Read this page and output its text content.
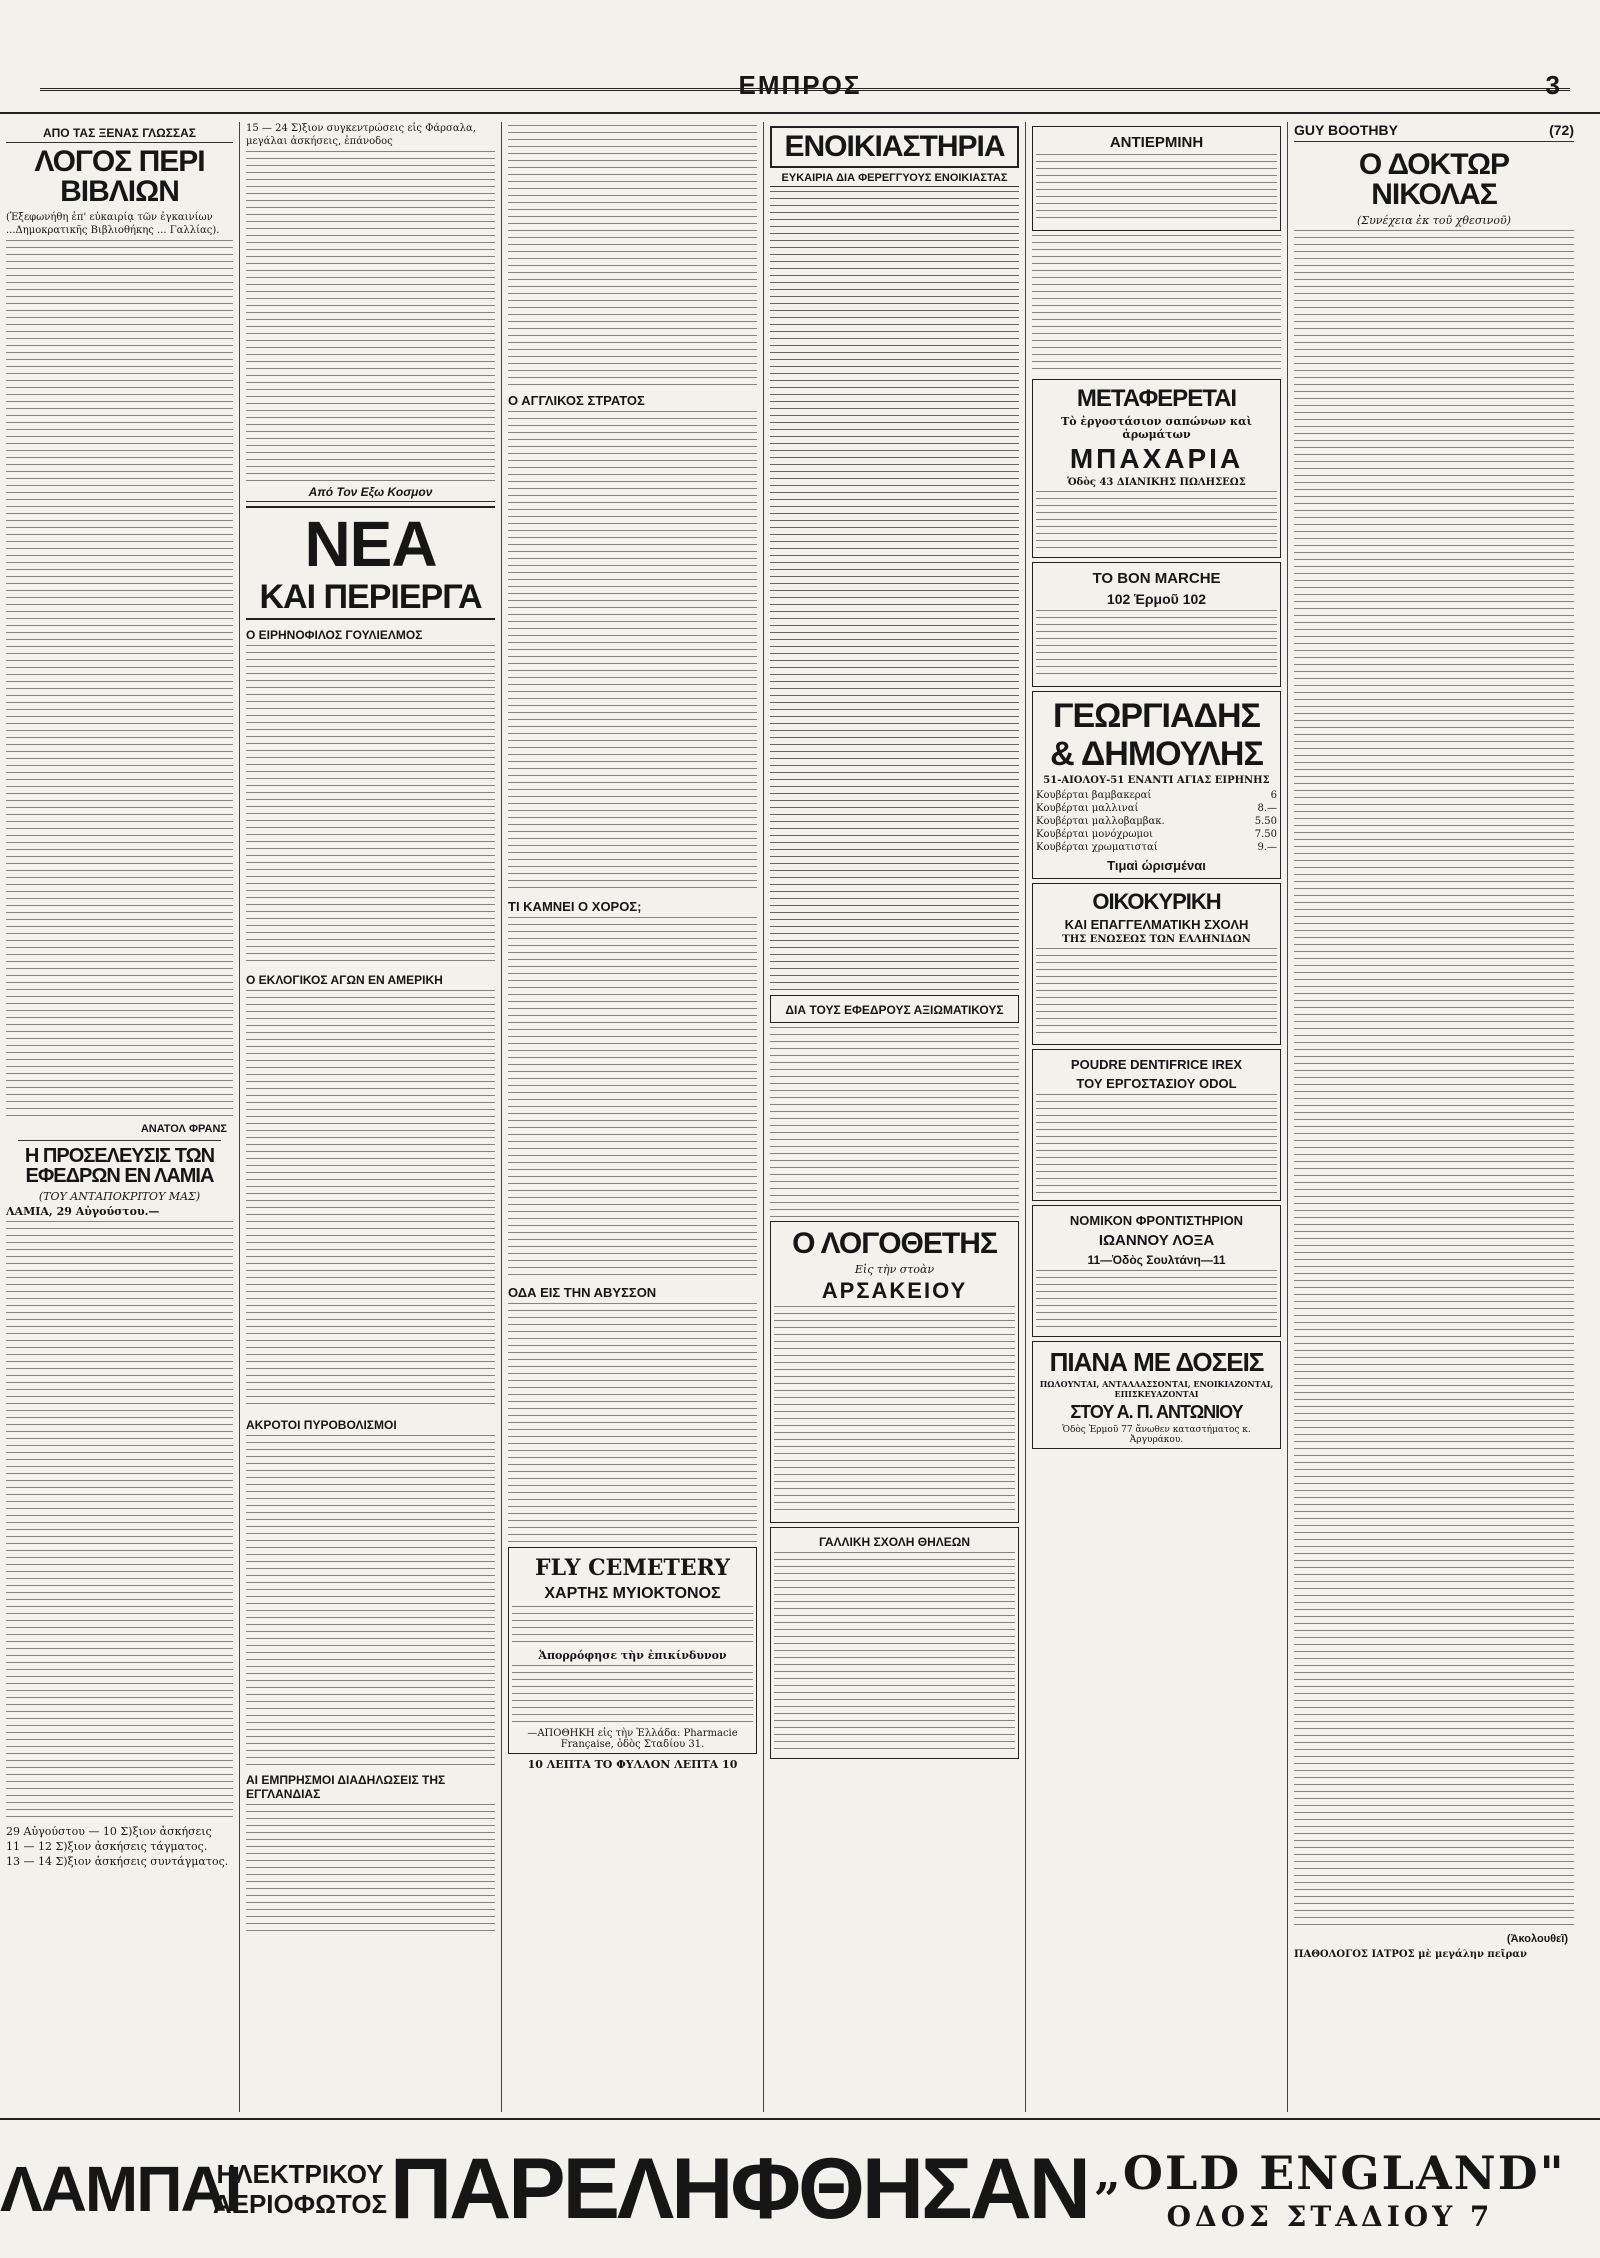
ΕΜΠΡΟΣ	3
ΑΠΟ ΤΑΣ ΞΕΝΑΣ ΓΛΩΣΣΑΣ
ΛΟΓΟΣ ΠΕΡΙ ΒΙΒΛΙΩΝ
(Ἐξεφωνήθη ἐπ' εὐκαιρίᾳ τῶν ἐγκαινίων ...Δημοκρατικῆς Βιβλιοθήκης ... Γαλλίας).
ΑΝΑΤΟΛ ΦΡΑΝΣ
Η ΠΡΟΣΕΛΕΥΣΙΣ ΤΩΝ ΕΦΕΔΡΩΝ ΕΝ ΛΑΜΙΑ
(ΤΟΥ ΑΝΤΑΠΟΚΡΙΤΟΥ ΜΑΣ)
ΛΑΜΙΑ, 29 Αὐγούστου.—
29 Αὐγούστου — 10 Σ)ξιον ἀσκήσεις
11 — 12 Σ)ξιον ἀσκήσεις τάγματος.
13 — 14 Σ)ξιον ἀσκήσεις συντάγματος.
15 — 24 Σ)ξιον συγκεντρώσεις εἰς Φάρσαλα, μεγάλαι ἀσκήσεις, ἐπάνοδος
Από Τον Εξω Κοσμον
ΝΕΑ
ΚΑΙ ΠΕΡΙΕΡΓΑ
Ο ΕΙΡΗΝΟΦΙΛΟΣ ΓΟΥΛΙΕΛΜΟΣ
Ο ΕΚΛΟΓΙΚΟΣ ΑΓΩΝ ΕΝ ΑΜΕΡΙΚΗ
ΑΚΡΟΤΟΙ ΠΥΡΟΒΟΛΙΣΜΟΙ
ΑΙ ΕΜΠΡΗΣΜΟΙ ΔΙΑΔΗΛΩΣΕΙΣ ΤΗΣ ΕΓΓΛΑΝΔΙΑΣ
Ο ΑΓΓΛΙΚΟΣ ΣΤΡΑΤΟΣ
ΤΙ ΚΑΜΝΕΙ Ο ΧΟΡΟΣ;
ΟΔΑ ΕΙΣ ΤΗΝ ΑΒΥΣΣΟΝ
FLY CEMETERY
ΧΑΡΤΗΣ ΜΥΙΟΚΤΟΝΟΣ
Ἀπορρόφησε τὴν ἐπικίνδυνον
—ΑΠΟΘΗΚΗ εἰς τὴν Ἑλλάδα: Pharmacie Française, ὁδὸς Σταδίου 31.
10 ΛΕΠΤΑ ΤΟ ΦΥΛΛΟΝ ΛΕΠΤΑ 10
ΕΝΟΙΚΙΑΣΤΗΡΙΑ
ΕΥΚΑΙΡΙΑ ΔΙΑ ΦΕΡΕΓΓΥΟΥΣ ΕΝΟΙΚΙΑΣΤΑΣ
ΔΙΑ ΤΟΥΣ ΕΦΕΔΡΟΥΣ ΑΞΙΩΜΑΤΙΚΟΥΣ
Ο ΛΟΓΟΘΕΤΗΣ
Εἰς τὴν στοὰν
ΑΡΣΑΚΕΙΟΥ
ΓΑΛΛΙΚΗ ΣΧΟΛΗ ΘΗΛΕΩΝ
ΑΝΤΙΕΡΜΙΝΗ
ΜΕΤΑΦΕΡΕΤΑΙ
Τὸ ἐργοστάσιον σαπώνων καὶ ἀρωμάτων
ΜΠΑΧΑΡΙΑ
Ὁδὸς 43 ΔΙΑΝΙΚΗΣ ΠΩΛΗΣΕΩΣ
ΤΟ ΒΟΝ MARCHE
102 Ἑρμοῦ 102
ΓΕΩΡΓΙΑΔΗΣ
& ΔΗΜΟΥΛΗΣ
51-ΑΙΟΛΟΥ-51 ΕΝΑΝΤΙ ΑΓΙΑΣ ΕΙΡΗΝΗΣ
Κουβέρται βαμβακεραί	6
Κουβέρται μαλλιναί	8.—
Κουβέρται μαλλοβαμβακ.	5.50
Κουβέρται μονόχρωμοι	7.50
Κουβέρται χρωματισταί	9.—
Τιμαὶ ὡρισμέναι
ΟΙΚΟΚΥΡΙΚΗ
ΚΑΙ ΕΠΑΓΓΕΛΜΑΤΙΚΗ ΣΧΟΛΗ
ΤΗΣ ΕΝΩΣΕΩΣ ΤΩΝ ΕΛΛΗΝΙΔΩΝ
POUDRE DENTIFRICE IREX
ΤΟΥ ΕΡΓΟΣΤΑΣΙΟΥ ODOL
ΝΟΜΙΚΟΝ ΦΡΟΝΤΙΣΤΗΡΙΟΝ
ΙΩΑΝΝΟΥ ΛΟΞΑ
11—Ὁδὸς Σουλτάνη—11
ΠΙΑΝΑ ΜΕ ΔΟΣΕΙΣ
ΠΩΛΟΥΝΤΑΙ, ΑΝΤΑΛΛΑΣΣΟΝΤΑΙ, ΕΝΟΙΚΙΑΖΟΝΤΑΙ, ΕΠΙΣΚΕΥΑΖΟΝΤΑΙ
ΣΤΟΥ Α. Π. ΑΝΤΩΝΙΟΥ
Ὁδὸς Ἑρμοῦ 77 ἄνωθεν καταστήματος κ. Ἀργυράκου.
GUY BOOTHBY	(72)
Ο ΔΟΚΤΩΡ ΝΙΚΟΛΑΣ
(Συνέχεια ἐκ τοῦ χθεσινοῦ)
(Ἀκολουθεῖ)
ΠΑΘΟΛΟΓΟΣ ΙΑΤΡΟΣ μὲ μεγάλην πεῖραν
ΛΑΜΠΑΙ
ΗΛΕΚΤΡΙΚΟΥ
ΑΕΡΙΟΦΩΤΟΣ ΠΑΡΕΛΗΦΘΗΣΑΝ „OLD ENGLAND"
ΟΔΟΣ ΣΤΑΔΙΟΥ 7
